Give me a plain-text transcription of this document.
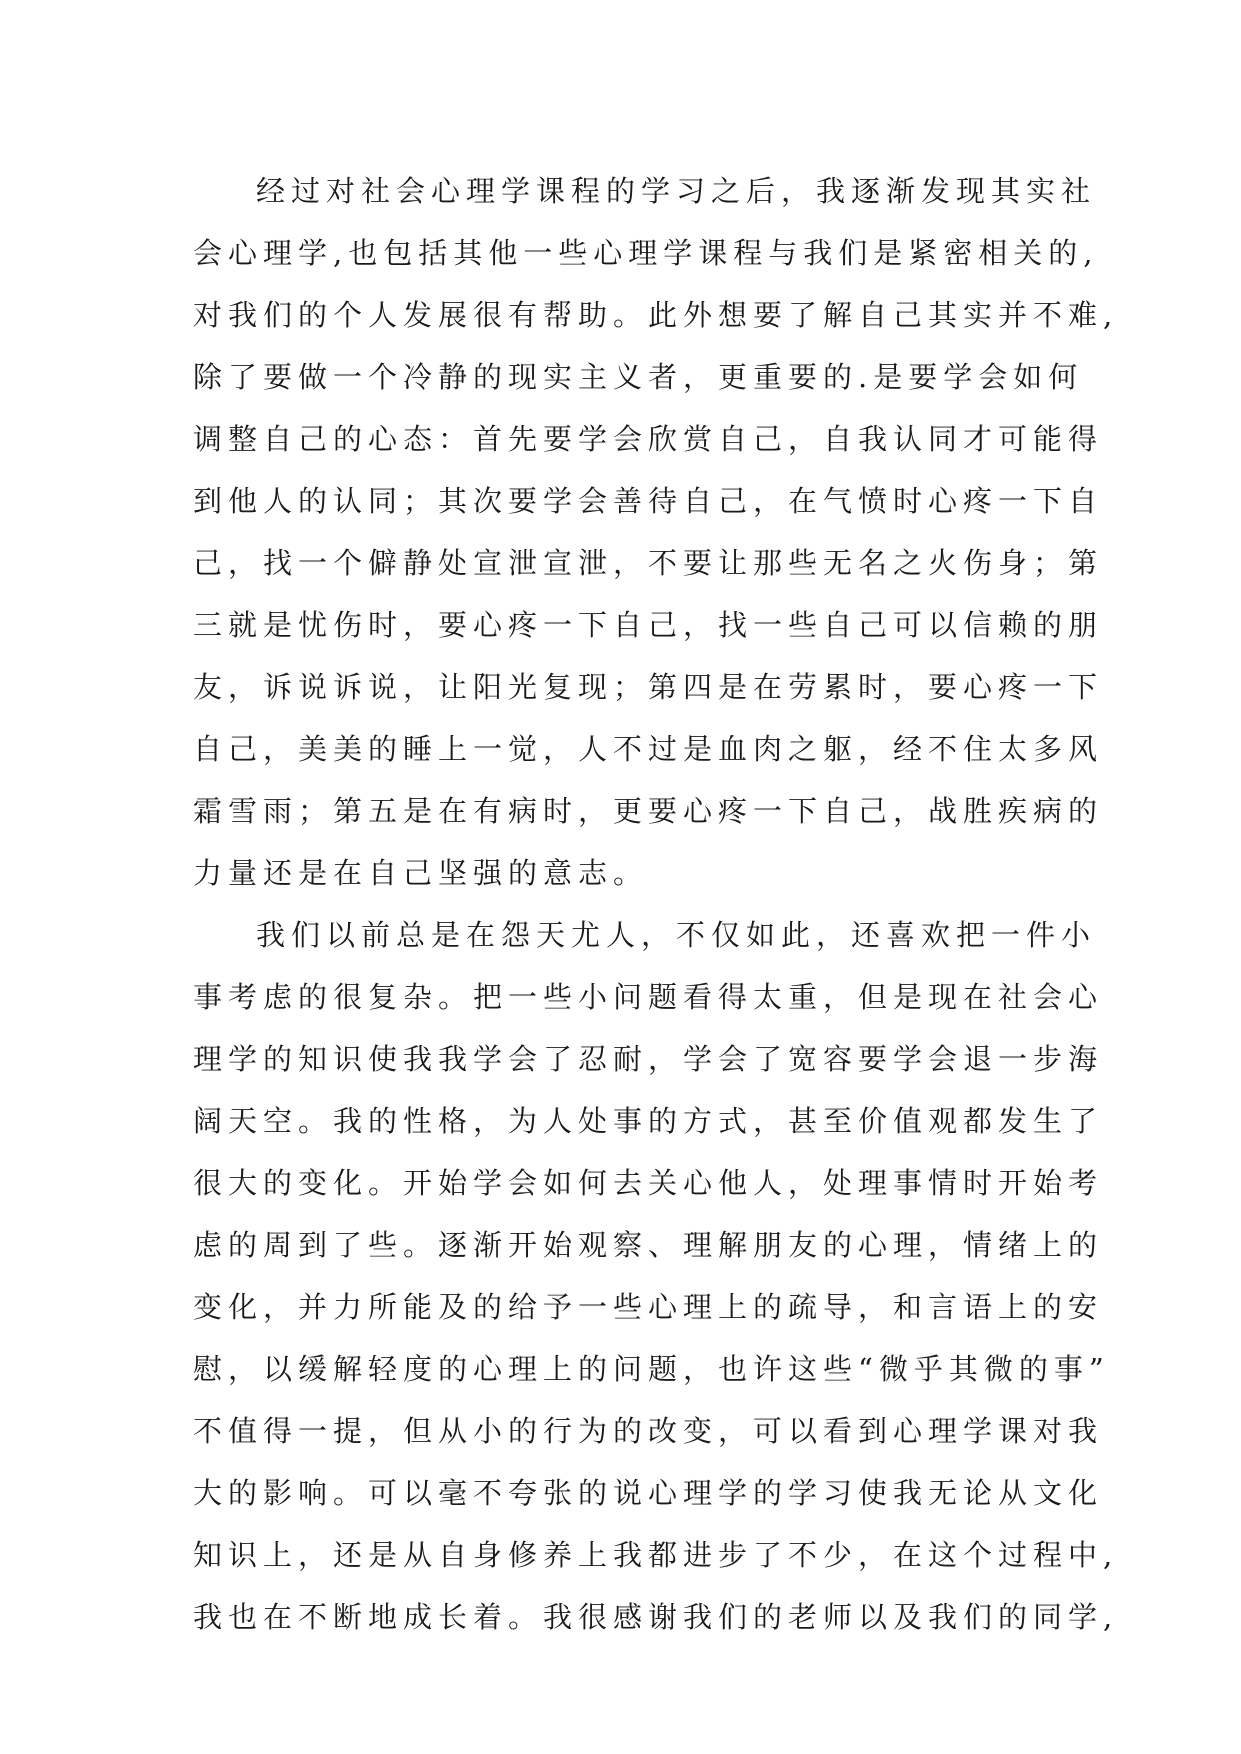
经过对社会心理学课程的学习之后，我逐渐发现其实社
会心理学,也包括其他一些心理学课程与我们是紧密相关的,
对我们的个人发展很有帮助。此外想要了解自己其实并不难,
除了要做一个冷静的现实主义者，更重要的.是要学会如何
调整自己的心态：首先要学会欣赏自己，自我认同才可能得
到他人的认同；其次要学会善待自己，在气愤时心疼一下自
己，找一个僻静处宣泄宣泄，不要让那些无名之火伤身；第
三就是忧伤时，要心疼一下自己，找一些自己可以信赖的朋
友，诉说诉说，让阳光复现；第四是在劳累时，要心疼一下
自己，美美的睡上一觉，人不过是血肉之躯，经不住太多风
霜雪雨；第五是在有病时，更要心疼一下自己，战胜疾病的
力量还是在自己坚强的意志。
我们以前总是在怨天尤人，不仅如此，还喜欢把一件小
事考虑的很复杂。把一些小问题看得太重，但是现在社会心
理学的知识使我我学会了忍耐，学会了宽容要学会退一步海
阔天空。我的性格，为人处事的方式，甚至价值观都发生了
很大的变化。开始学会如何去关心他人，处理事情时开始考
虑的周到了些。逐渐开始观察、理解朋友的心理，情绪上的
变化，并力所能及的给予一些心理上的疏导，和言语上的安
慰，以缓解轻度的心理上的问题，也许这些“微乎其微的事”
不值得一提，但从小的行为的改变，可以看到心理学课对我
大的影响。可以毫不夸张的说心理学的学习使我无论从文化
知识上，还是从自身修养上我都进步了不少，在这个过程中,
我也在不断地成长着。我很感谢我们的老师以及我们的同学,
